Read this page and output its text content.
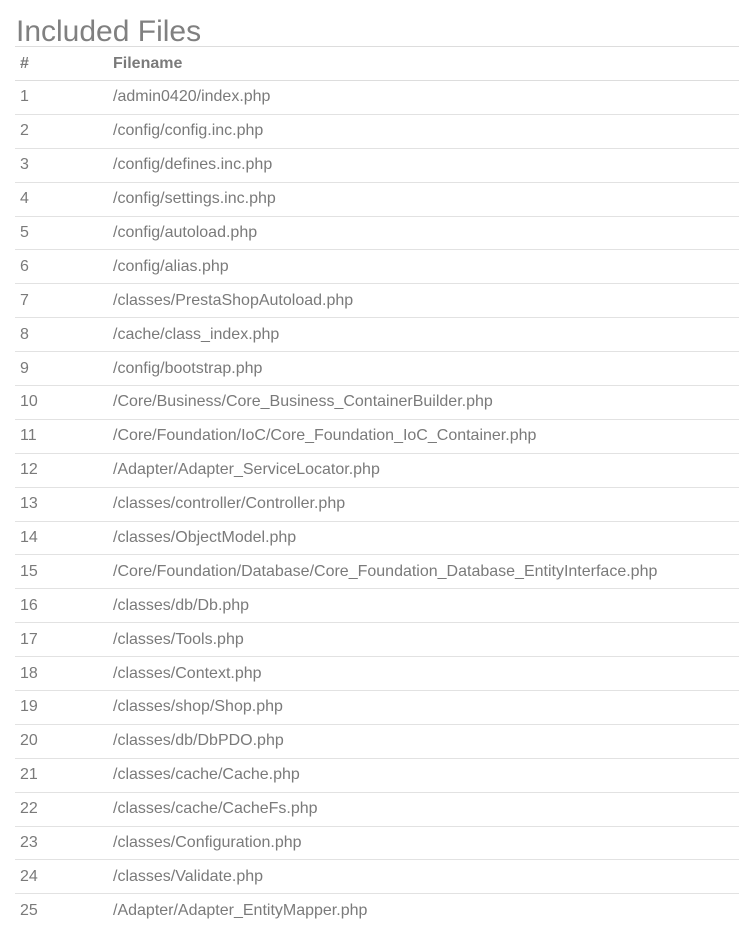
Included Files
#	Filename
1	/admin0420/index.php
2	/config/config.inc.php
3	/config/defines.inc.php
4	/config/settings.inc.php
5	/config/autoload.php
6	/config/alias.php
7	/classes/PrestaShopAutoload.php
8	/cache/class_index.php
9	/config/bootstrap.php
10	/Core/Business/Core_Business_ContainerBuilder.php
11	/Core/Foundation/IoC/Core_Foundation_IoC_Container.php
12	/Adapter/Adapter_ServiceLocator.php
13	/classes/controller/Controller.php
14	/classes/ObjectModel.php
15	/Core/Foundation/Database/Core_Foundation_Database_EntityInterface.php
16	/classes/db/Db.php
17	/classes/Tools.php
18	/classes/Context.php
19	/classes/shop/Shop.php
20	/classes/db/DbPDO.php
21	/classes/cache/Cache.php
22	/classes/cache/CacheFs.php
23	/classes/Configuration.php
24	/classes/Validate.php
25	/Adapter/Adapter_EntityMapper.php
